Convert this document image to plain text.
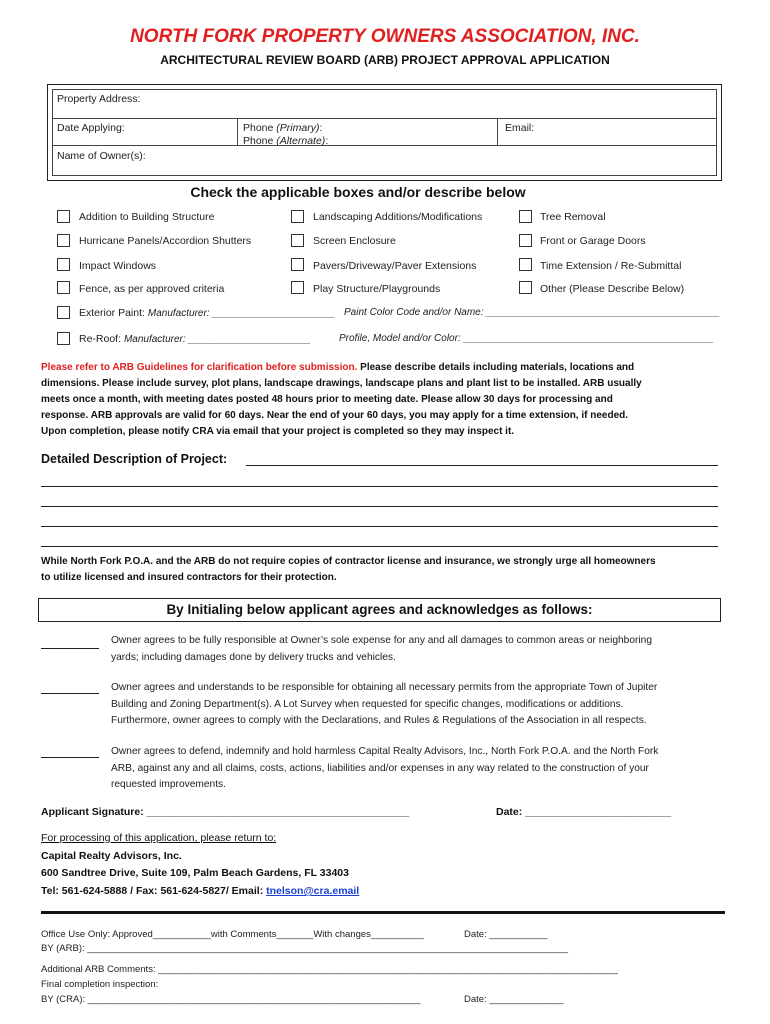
NORTH FORK PROPERTY OWNERS ASSOCIATION, INC.
ARCHITECTURAL REVIEW BOARD (ARB) PROJECT APPROVAL APPLICATION
Property Address:
Date Applying:	Phone (Primary):
Phone (Alternate):
Email:
Name of Owner(s):
Check the applicable boxes and/or describe below
Addition to Building Structure
Hurricane Panels/Accordion Shutters
Impact Windows
Fence, as per approved criteria
Landscaping Additions/Modifications
Screen Enclosure
Pavers/Driveway/Paver Extensions
Play Structure/Playgrounds
Tree Removal
Front or Garage Doors
Time Extension / Re-Submittal
Other (Please Describe Below)
Exterior Paint: Manufacturer: ______________________ Paint Color Code and/or Name: __________________________________________
Re-Roof: Manufacturer: ______________________	Profile, Model and/or Color: _____________________________________________
Please refer to ARB Guidelines for clarification before submission. Please describe details including materials, locations and
dimensions. Please include survey, plot plans, landscape drawings, landscape plans and plant list to be installed. ARB usually
meets once a month, with meeting dates posted 48 hours prior to meeting date. Please allow 30 days for processing and
response. ARB approvals are valid for 60 days. Near the end of your 60 days, you may apply for a time extension, if needed.
Upon completion, please notify CRA via email that your project is completed so they may inspect it.
Detailed Description of Project:
While North Fork P.O.A. and the ARB do not require copies of contractor license and insurance, we strongly urge all homeowners
to utilize licensed and insured contractors for their protection.
By Initialing below applicant agrees and acknowledges as follows:
Owner agrees to be fully responsible at Owner’s sole expense for any and all damages to common areas or neighboring
yards; including damages done by delivery trucks and vehicles.
Owner agrees and understands to be responsible for obtaining all necessary permits from the appropriate Town of Jupiter
Building and Zoning Department(s). A Lot Survey when requested for specific changes, modifications or additions.
Furthermore, owner agrees to comply with the Declarations, and Rules & Regulations of the Association in all respects.
Owner agrees to defend, indemnify and hold harmless Capital Realty Advisors, Inc., North Fork P.O.A. and the North Fork
ARB, against any and all claims, costs, actions, liabilities and/or expenses in any way related to the construction of your
requested improvements.
Applicant Signature: _____________________________________________	Date: _________________________
For processing of this application, please return to:
Capital Realty Advisors, Inc.
600 Sandtree Drive, Suite 109, Palm Beach Gardens, FL 33403
Tel: 561-624-5888 / Fax: 561-624-5827/ Email: tnelson@cra.email
Office Use Only: Approved___________with Comments_______With changes__________	Date: ___________
BY (ARB): ___________________________________________________________________________________________
Additional ARB Comments: _______________________________________________________________________________________
Final completion inspection:
BY (CRA): _______________________________________________________________	Date: ______________
